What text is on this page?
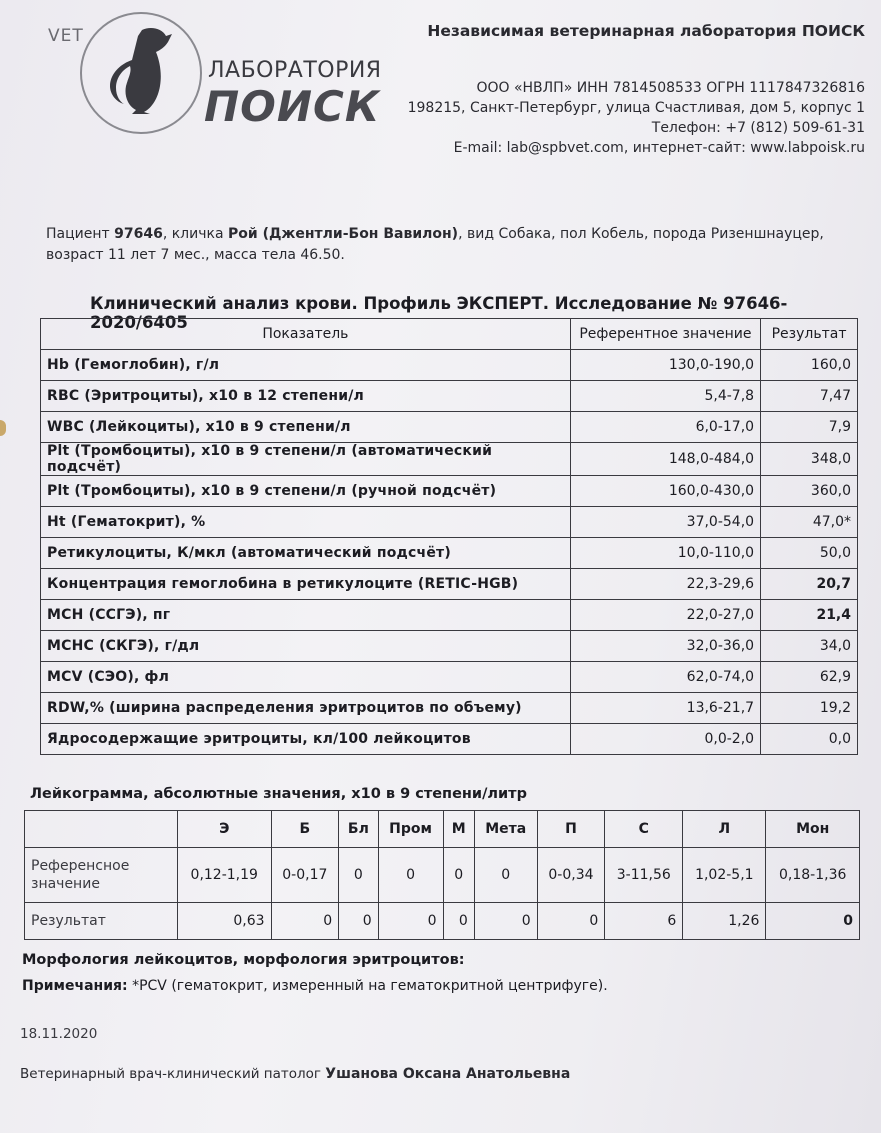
VET
ЛАБОРАТОРИЯ
ПОИСК
Независимая ветеринарная лаборатория ПОИСК
ООО «НВЛП» ИНН 7814508533 ОГРН 1117847326816
198215, Санкт-Петербург, улица Счастливая, дом 5, корпус 1
Телефон: +7 (812) 509-61-31
E-mail: lab@spbvet.com, интернет-сайт: www.labpoisk.ru
Пациент 97646, кличка Рой (Джентли-Бон Вавилон), вид Собака, пол Кобель, порода Ризеншнауцер, возраст 11 лет 7 мес., масса тела 46.50.
Клинический анализ крови. Профиль ЭКСПЕРТ. Исследование № 97646-2020/6405
Показатель	Референтное значение	Результат
Hb (Гемоглобин), г/л	130,0-190,0	160,0
RBC (Эритроциты), x10 в 12 степени/л	5,4-7,8	7,47
WBC (Лейкоциты), x10 в 9 степени/л	6,0-17,0	7,9
Plt (Тромбоциты), x10 в 9 степени/л (автоматический подсчёт)	148,0-484,0	348,0
Plt (Тромбоциты), x10 в 9 степени/л (ручной подсчёт)	160,0-430,0	360,0
Ht (Гематокрит), %	37,0-54,0	47,0*
Ретикулоциты, К/мкл (автоматический подсчёт)	10,0-110,0	50,0
Концентрация гемоглобина в ретикулоците (RETIC-HGB)	22,3-29,6	20,7
MCH (ССГЭ), пг	22,0-27,0	21,4
MCHC (СКГЭ), г/дл	32,0-36,0	34,0
MCV (СЭО), фл	62,0-74,0	62,9
RDW,% (ширина распределения эритроцитов по объему)	13,6-21,7	19,2
Ядросодержащие эритроциты, кл/100 лейкоцитов	0,0-2,0	0,0
Лейкограмма, абсолютные значения, x10 в 9 степени/литр
	Э	Б	Бл	Пром	М	Мета	П	С	Л	Мон
Референсное значение	0,12-1,19	0-0,17	0	0	0	0	0-0,34	3-11,56	1,02-5,1	0,18-1,36
Результат	0,63	0	0	0	0	0	0	6	1,26	0
Морфология лейкоцитов, морфология эритроцитов:
Примечания: *PCV (гематокрит, измеренный на гематокритной центрифуге).
18.11.2020
Ветеринарный врач-клинический патолог Ушанова Оксана Анатольевна
